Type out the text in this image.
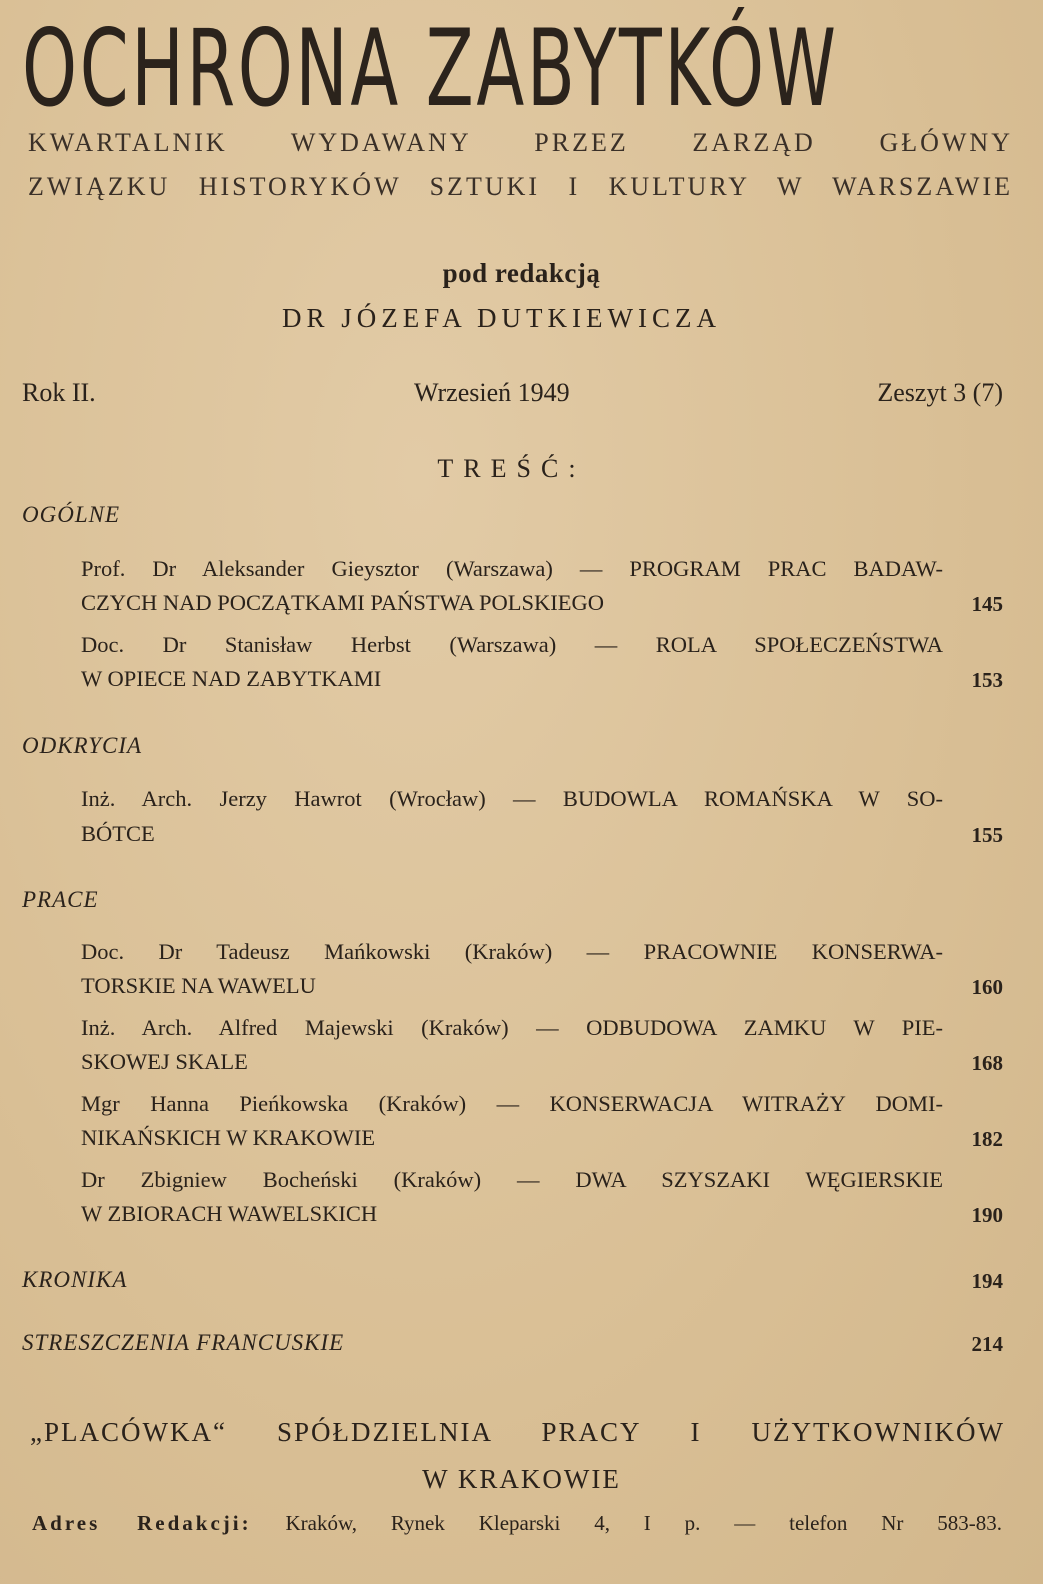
OCHRONA ZABYTKÓW
KWARTALNIK WYDAWANY PRZEZ ZARZĄD GŁÓWNY
ZWIĄZKU HISTORYKÓW SZTUKI I KULTURY W WARSZAWIE
pod redakcją
DR JÓZEFA DUTKIEWICZA
Rok II.	Wrzesień 1949	Zeszyt 3 (7)
TREŚĆ:
OGÓLNE
Prof. Dr Aleksander Gieysztor (Warszawa) — PROGRAM PRAC BADAW-
CZYCH NAD POCZĄTKAMI PAŃSTWA POLSKIEGO	145
Doc. Dr Stanisław Herbst (Warszawa) — ROLA SPOŁECZEŃSTWA
W OPIECE NAD ZABYTKAMI	153
ODKRYCIA
Inż. Arch. Jerzy Hawrot (Wrocław) — BUDOWLA ROMAŃSKA W SO-
BÓTCE	155
PRACE
Doc. Dr Tadeusz Mańkowski (Kraków) — PRACOWNIE KONSERWA-
TORSKIE NA WAWELU	160
Inż. Arch. Alfred Majewski (Kraków) — ODBUDOWA ZAMKU W PIE-
SKOWEJ SKALE	168
Mgr Hanna Pieńkowska (Kraków) — KONSERWACJA WITRAŻY DOMI-
NIKAŃSKICH W KRAKOWIE	182
Dr Zbigniew Bocheński (Kraków) — DWA SZYSZAKI WĘGIERSKIE
W ZBIORACH WAWELSKICH	190
KRONIKA	194
STRESZCZENIA FRANCUSKIE	214
„PLACÓWKA“ SPÓŁDZIELNIA PRACY I UŻYTKOWNIKÓW
W KRAKOWIE
Adres Redakcji: Kraków, Rynek Kleparski 4, I p. — telefon Nr 583-83.
